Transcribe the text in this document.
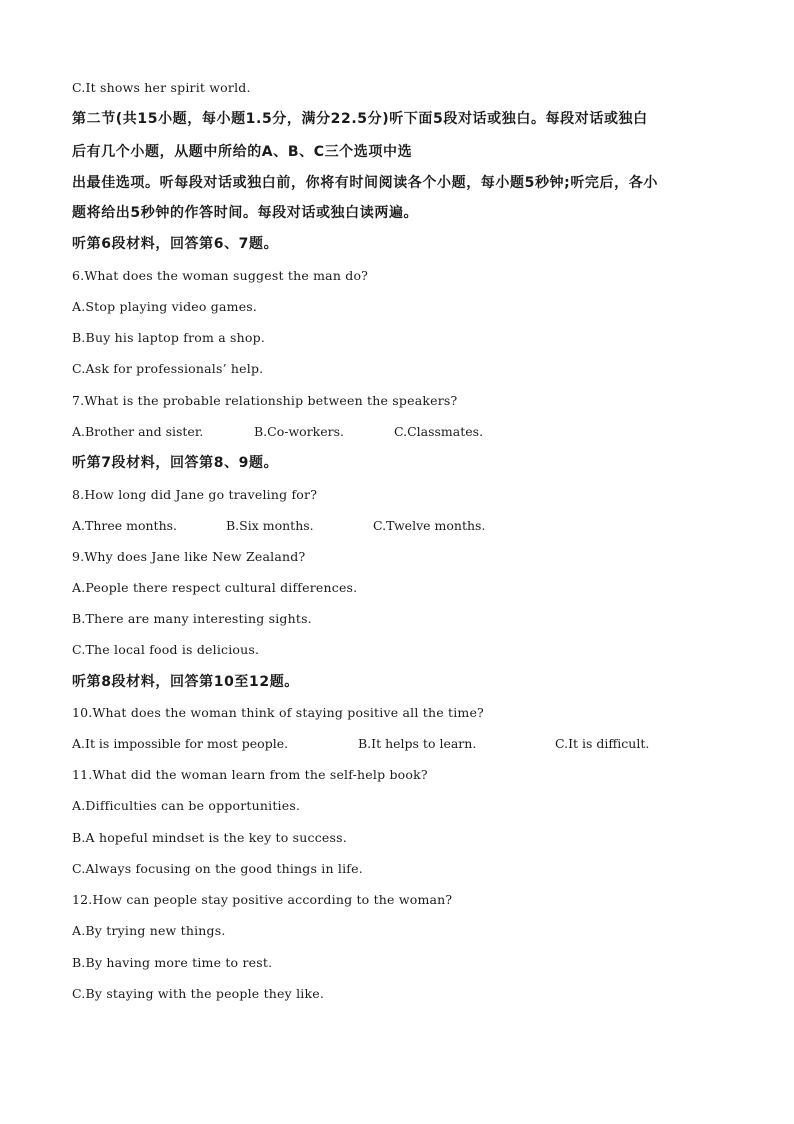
C.It shows her spirit world.
第二节(共15小题，每小题1.5分，满分22.5分)听下面5段对话或独白。每段对话或独白
后有几个小题，从题中所给的A、B、C三个选项中选
出最佳选项。听每段对话或独白前，你将有时间阅读各个小题，每小题5秒钟;听完后，各小
题将给出5秒钟的作答时间。每段对话或独白读两遍。
听第6段材料，回答第6、7题。
6.What does the woman suggest the man do?
A.Stop playing video games.
B.Buy his laptop from a shop.
C.Ask for professionals’ help.
7.What is the probable relationship between the speakers?

A.Brother and sister.

	B.Co-workers.

	C.Classmates.

听第7段材料，回答第8、9题。
8.How long did Jane go traveling for?

A.Three months.

	B.Six months.

	C.Twelve months.

9.Why does Jane like New Zealand?
A.People there respect cultural differences.
B.There are many interesting sights.
C.The local food is delicious.
听第8段材料，回答第10至12题。
10.What does the woman think of staying positive all the time?

A.It is impossible for most people.

	B.It helps to learn.

	C.It is difficult.

11.What did the woman learn from the self-help book?
A.Difficulties can be opportunities.
B.A hopeful mindset is the key to success.
C.Always focusing on the good things in life.
12.How can people stay positive according to the woman?
A.By trying new things.
B.By having more time to rest.
C.By staying with the people they like.
